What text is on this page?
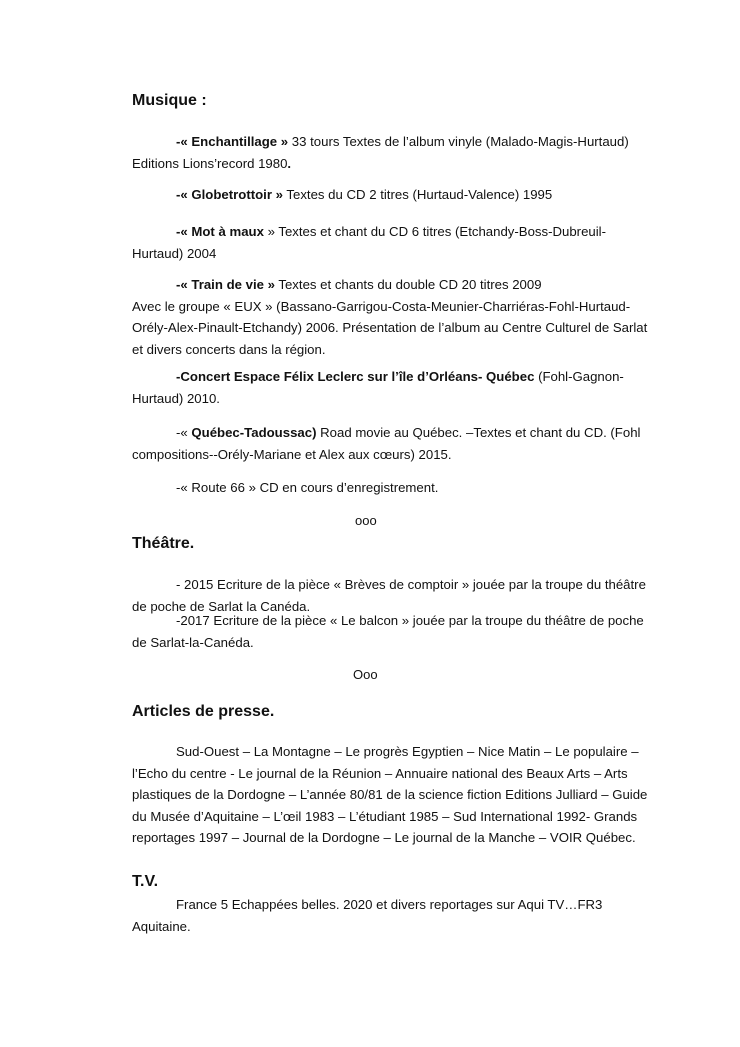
Musique :
-« Enchantillage » 33 tours Textes de l’album vinyle (Malado-Magis-Hurtaud) Editions Lions’record 1980.
-« Globetrottoir » Textes du CD 2 titres (Hurtaud-Valence) 1995
-« Mot à maux » Textes et chant du CD 6 titres (Etchandy-Boss-Dubreuil-Hurtaud) 2004
-« Train de vie » Textes et chants du double CD 20 titres 2009
Avec le groupe « EUX » (Bassano-Garrigou-Costa-Meunier-Charriéras-Fohl-Hurtaud-Orély-Alex-Pinault-Etchandy) 2006. Présentation de l’album au Centre Culturel de Sarlat et divers concerts dans la région.
-Concert Espace Félix Leclerc sur l’île d’Orléans- Québec (Fohl-Gagnon-Hurtaud) 2010.
-« Québec-Tadoussac) Road movie au Québec. –Textes et chant du CD. (Fohl compositions--Orély-Mariane et Alex aux cœurs) 2015.
-« Route 66 » CD en cours d’enregistrement.
ooo
Théâtre.
- 2015 Ecriture de la pièce « Brèves de comptoir » jouée par la troupe du théâtre de poche de Sarlat la Canéda.
-2017 Ecriture de la pièce « Le balcon » jouée par la troupe du théâtre de poche de Sarlat-la-Canéda.
Ooo
Articles de presse.
Sud-Ouest – La Montagne – Le progrès Egyptien – Nice Matin – Le populaire – l’Echo du centre - Le journal de la Réunion – Annuaire national des Beaux Arts – Arts plastiques de la Dordogne – L’année 80/81 de la science fiction Editions Julliard – Guide du Musée d’Aquitaine – L’œil 1983 – L’étudiant 1985 – Sud International 1992- Grands reportages 1997 – Journal de la Dordogne – Le journal de la Manche – VOIR Québec.
T.V.
France 5 Echappées belles. 2020 et divers reportages sur Aqui TV…FR3 Aquitaine.
